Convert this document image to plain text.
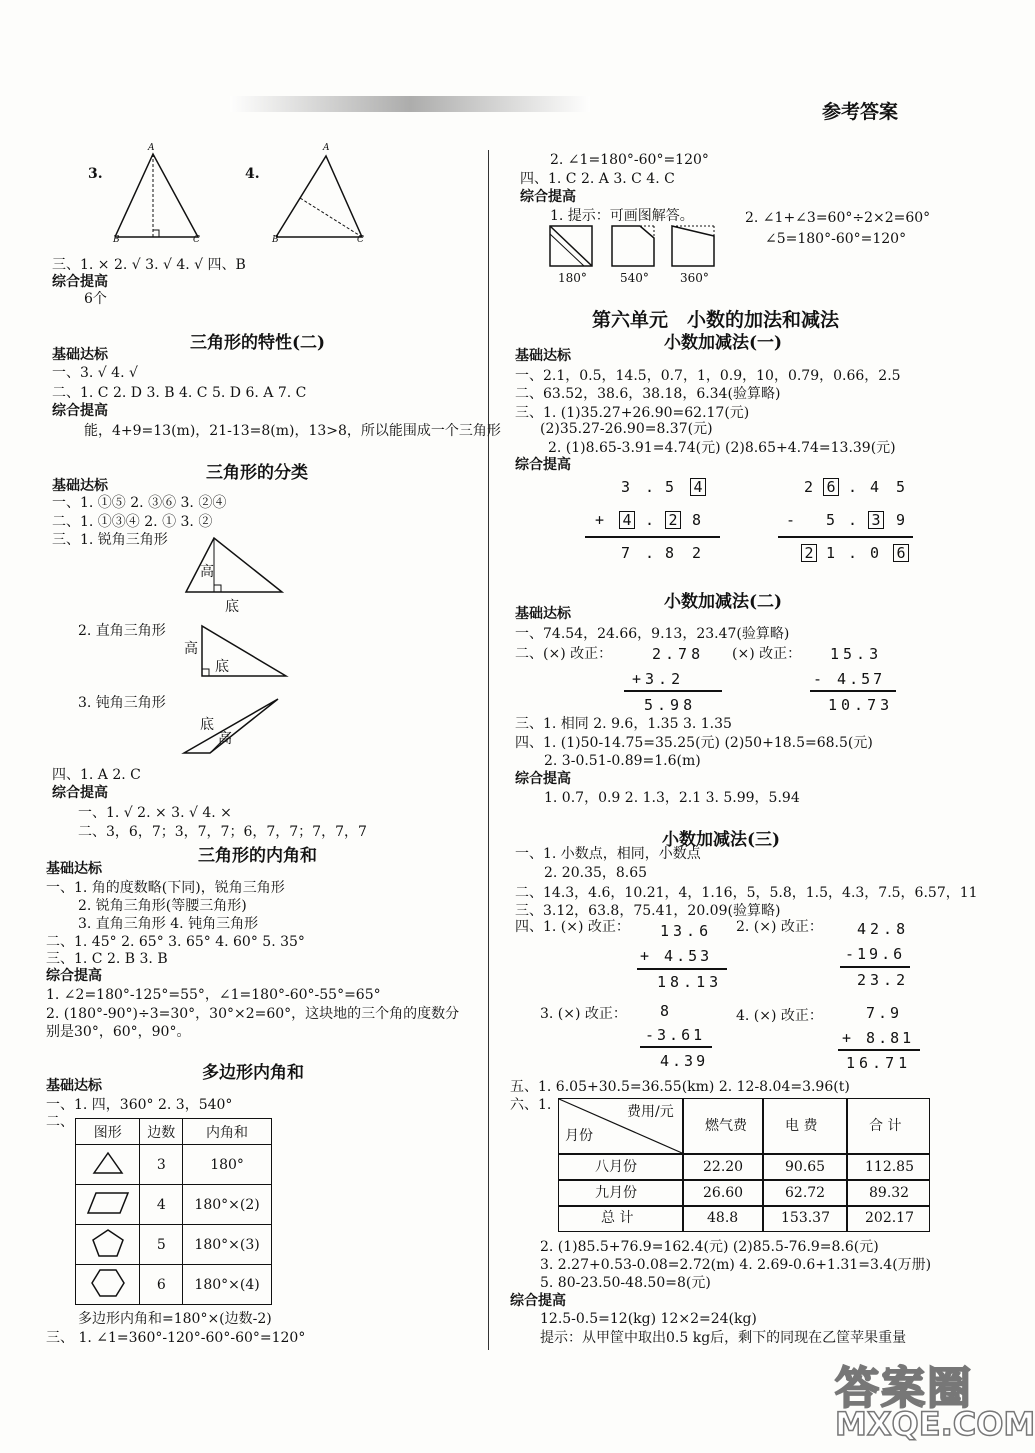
参考答案
3.
A
B	C
4.
A
B	C
三、1. × 2. √ 3. √ 4. √ 四、B
综合提高
6个
三角形的特性(二)
基础达标
一、3. √ 4. √
二、1. C 2. D 3. B 4. C 5. D 6. A 7. C
综合提高
能，4+9=13(m)，21-13=8(m)，13>8，所以能围成一个三角形
三角形的分类
基础达标
一、1. ①⑤ 2. ③⑥ 3. ②④
二、1. ①③④ 2. ① 3. ②
三、1. 锐角三角形
高
底
2. 直角三角形
高
底
3. 钝角三角形
底
高
四、1. A 2. C
综合提高
一、1. √ 2. × 3. √ 4. ×
二、3，6，7；3，7，7；6，7，7；7，7，7
三角形的内角和
基础达标
一、1. 角的度数略(下同)，锐角三角形
2. 锐角三角形(等腰三角形)
3. 直角三角形 4. 钝角三角形
二、1. 45° 2. 65° 3. 65° 4. 60° 5. 35°
三、1. C 2. B 3. B
综合提高
1. ∠2=180°-125°=55°，∠1=180°-60°-55°=65°
2. (180°-90°)÷3=30°，30°×2=60°，这块地的三个角的度数分
别是30°，60°，90°。
多边形内角和
基础达标
一、1. 四，360° 2. 3，540°
二、
图形	边数	内角和
	3	180°
	4	180°×(2)
	5	180°×(3)
	6	180°×(4)
多边形内角和=180°×(边数-2)
三、 1. ∠1=360°-120°-60°-60°=120°
2. ∠1=180°-60°=120°
四、1. C 2. A 3. C 4. C
综合提高
1. 提示：可画图解答。	2. ∠1+∠3=60°÷2×2=60°
∠5=180°-60°=120°
180°	540°	360°
第六单元　小数的加法和减法
小数加减法(一)
基础达标
一、2.1，0.5，14.5，0.7，1，0.9，10，0.79，0.66，2.5
二、63.52，38.6，38.18，6.34(验算略)
三、1. (1)35.27+26.90=62.17(元)
(2)35.27-26.90=8.37(元)
2. (1)8.65-3.91=4.74(元) (2)8.65+4.74=13.39(元)
综合提高
3 . 5 4
+ 4 . 2 8
7 . 8 2
2 6 . 4 5
- 5 . 3 9
2 1 . 0 6
小数加减法(二)
基础达标
一、74.54，24.66，9.13，23.47(验算略)
二、(×) 改正：	(×) 改正：
2.78
+3.2
5.98
15.3
- 4.57
10.73
三、1. 相同 2. 9.6，1.35 3. 1.35
四、1. (1)50-14.75=35.25(元) (2)50+18.5=68.5(元)
2. 3-0.51-0.89=1.6(m)
综合提高
1. 0.7，0.9 2. 1.3，2.1 3. 5.99，5.94
小数加减法(三)
一、1. 小数点，相同，小数点
2. 20.35，8.65
二、14.3，4.6，10.21，4，1.16，5，5.8，1.5，4.3，7.5，6.57，11
三、3.12，63.8，75.41，20.09(验算略)
四、1. (×) 改正：	2. (×) 改正：
13.6
+ 4.53
18.13
42.8
-19.6
23.2
3. (×) 改正：	4. (×) 改正：
8
-3.61
4.39
7.9
+ 8.81
16.71
五、1. 6.05+30.5=36.55(km) 2. 12-8.04=3.96(t)
六、1.	费用/元
月份
燃气费	电 费	合 计
八月份	22.20	90.65	112.85
九月份	26.60	62.72	89.32
总 计	48.8	153.37	202.17
2. (1)85.5+76.9=162.4(元) (2)85.5-76.9=8.6(元)
3. 2.27+0.53-0.08=2.72(m) 4. 2.69-0.6+1.31=3.4(万册)
5. 80-23.50-48.50=8(元)
综合提高
12.5-0.5=12(kg) 12×2=24(kg)
提示：从甲筐中取出0.5 kg后，剩下的同现在乙筐苹果重量
答案圈
MXQE.COM
